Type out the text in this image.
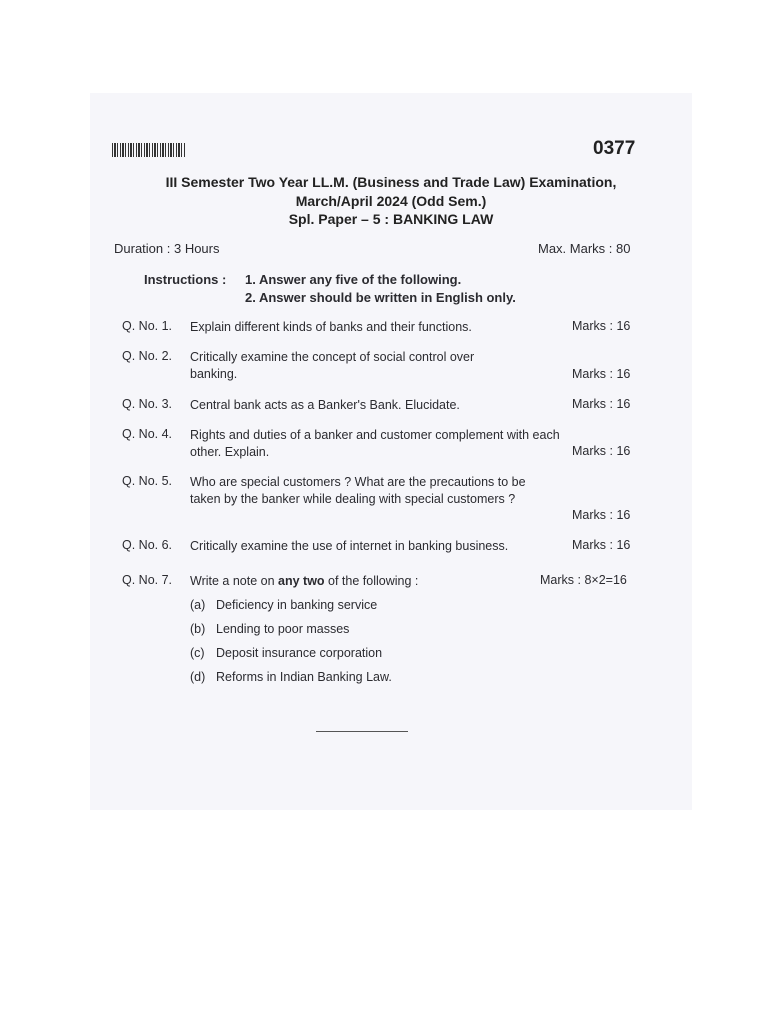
0377
III Semester Two Year LL.M. (Business and Trade Law) Examination,
March/April 2024 (Odd Sem.)
Spl. Paper – 5 : BANKING LAW
Duration : 3 Hours	Max. Marks : 80
Instructions : 1. Answer any five of the following.
2. Answer should be written in English only.
Q. No. 1. Explain different kinds of banks and their functions.	Marks : 16
Q. No. 2. Critically examine the concept of social control over banking.	Marks : 16
Q. No. 3. Central bank acts as a Banker's Bank. Elucidate.	Marks : 16
Q. No. 4. Rights and duties of a banker and customer complement with each other. Explain.	Marks : 16
Q. No. 5. Who are special customers ? What are the precautions to be taken by the banker while dealing with special customers ?
Marks : 16
Q. No. 6. Critically examine the use of internet in banking business.	Marks : 16
Q. No. 7. Write a note on any two of the following :	Marks : 8×2=16
(a) Deficiency in banking service
(b) Lending to poor masses
(c) Deposit insurance corporation
(d) Reforms in Indian Banking Law.
